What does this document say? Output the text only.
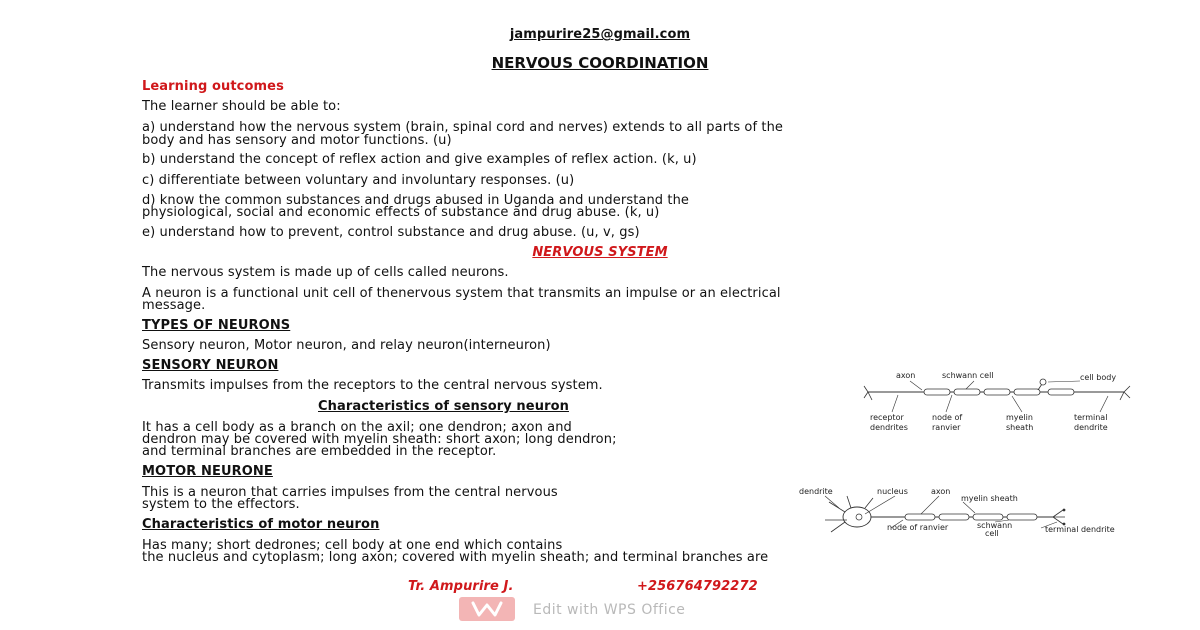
jampurire25@gmail.com
NERVOUS COORDINATION
Learning outcomes
The learner should be able to:
a) understand how the nervous system (brain, spinal cord and nerves) extends to all parts of the
body and has sensory and motor functions. (u)
b) understand the concept of reflex action and give examples of reflex action. (k, u)
c) differentiate between voluntary and involuntary responses. (u)
d) know the common substances and drugs abused in Uganda and understand the
physiological, social and economic effects of substance and drug abuse. (k, u)
e) understand how to prevent, control substance and drug abuse. (u, v, gs)
NERVOUS SYSTEM
The nervous system is made up of cells called neurons.
A neuron is a functional unit cell of thenervous system that transmits an impulse or an electrical
message.
TYPES OF NEURONS
Sensory neuron, Motor neuron, and relay neuron(interneuron)
SENSORY NEURON
Transmits impulses from the receptors to the central nervous system.
Characteristics of sensory neuron
It has a cell body as a branch on the axil; one dendron; axon and
dendron may be covered with myelin sheath: short axon; long dendron;
and terminal branches are embedded in the receptor.
MOTOR NEURONE
This is a neuron that carries impulses from the central nervous
system to the effectors.
Characteristics of motor neuron
Has many; short dedrones; cell body at one end which contains
the nucleus and cytoplasm; long axon; covered with myelin sheath; and terminal branches are
axon	schwann cell	cell body
receptor
dendrites
node of
ranvier
myelin
sheath
terminal
dendrite
dendrite	nucleus	axon
myelin sheath
node of ranvier	schwann
cell	terminal dendrite
Tr. Ampurire J.	+256764792272
Edit with WPS Office
